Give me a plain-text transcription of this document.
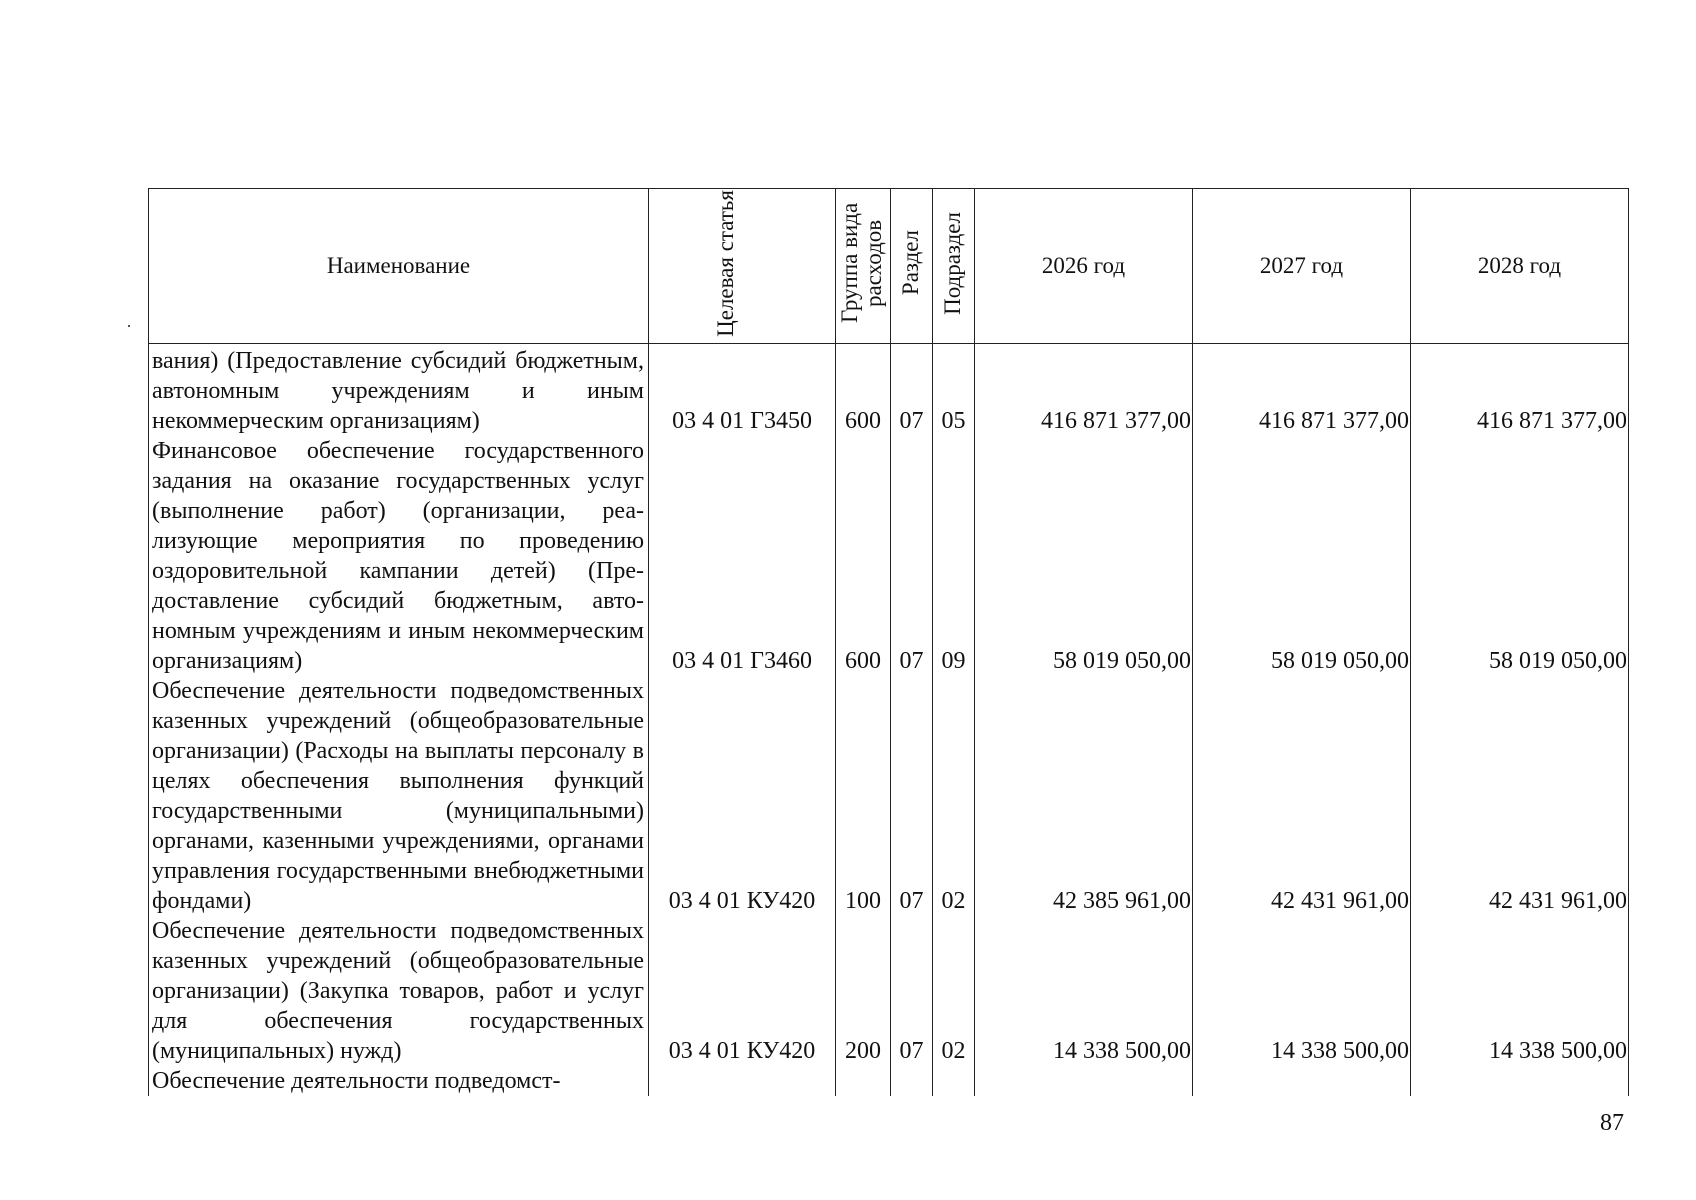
Наименование	Целевая статья	Группа вида расходов	Раздел	Подраздел	2026 год	2027 год	2028 год
вания) (Предоставление субсидий бюджетным, автономным учреждениям и иным некоммерческим организациям)	03 4 01 Г3450	600	07	05	416 871 377,00	416 871 377,00	416 871 377,00
Финансовое обеспечение государственного задания на оказание государственных услуг (выполнение работ) (организации, реализующие мероприятия по проведению оздоровительной кампании детей) (Предоставление субсидий бюджетным, автономным учреждениям и иным некоммерческим организациям)	03 4 01 Г3460	600	07	09	58 019 050,00	58 019 050,00	58 019 050,00
Обеспечение деятельности подведомственных казенных учреждений (общеобразовательные организации) (Расходы на выплаты персоналу в целях обеспечения выполнения функций государственными (муниципальными) органами, казенными учреждениями, органами управления государственными внебюджетными фондами)	03 4 01 КУ420	100	07	02	42 385 961,00	42 431 961,00	42 431 961,00
Обеспечение деятельности подведомственных казенных учреждений (общеобразовательные организации) (Закупка товаров, работ и услуг для обеспечения государственных (муниципальных) нужд)	03 4 01 КУ420	200	07	02	14 338 500,00	14 338 500,00	14 338 500,00
Обеспечение деятельности подведомст-							
87
